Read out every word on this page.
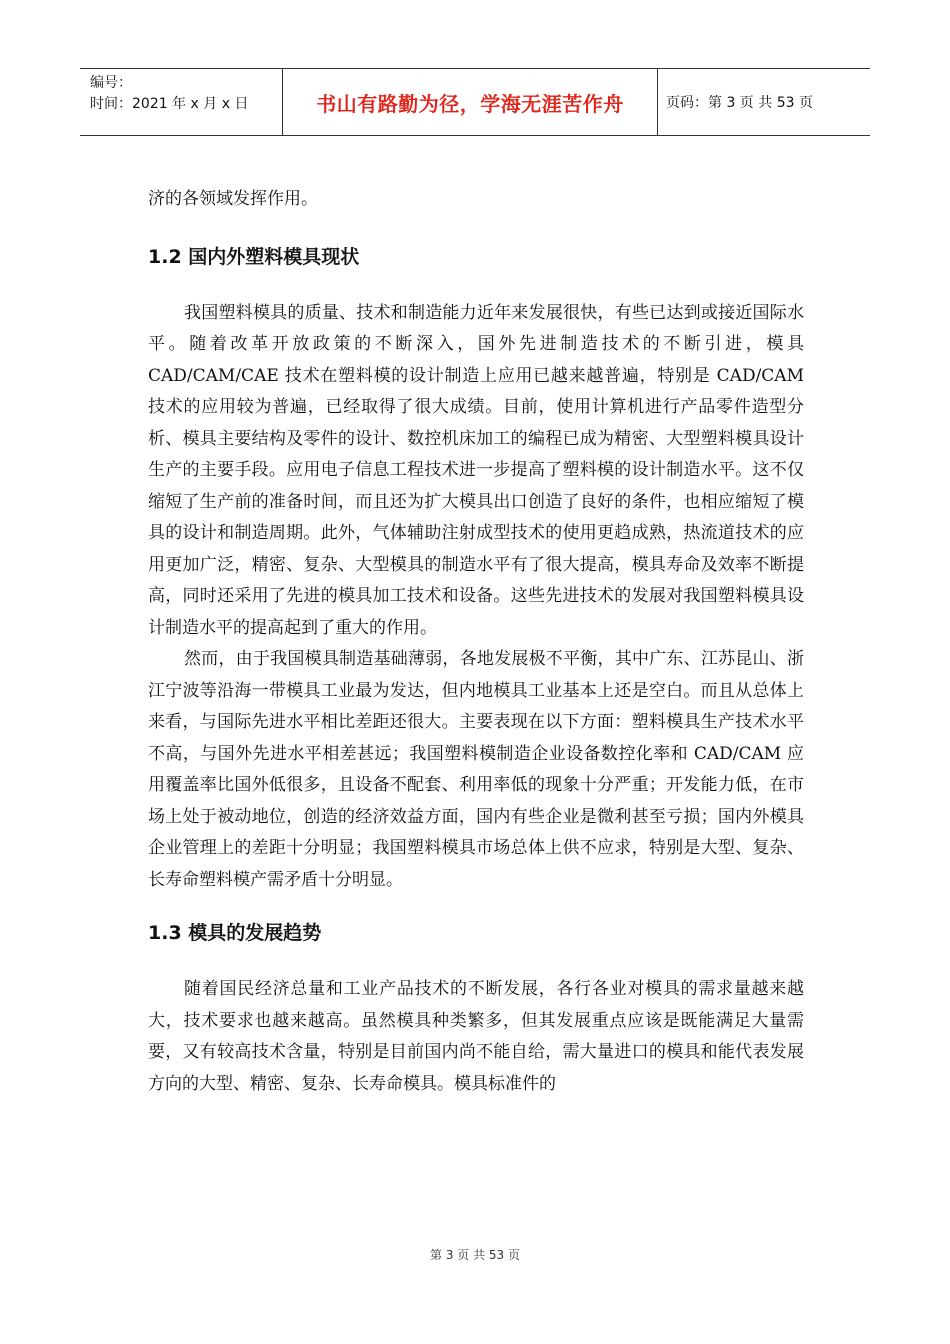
编号：
时间：2021 年 x 月 x 日	书山有路勤为径，学海无涯苦作舟	页码：第 3 页 共 53 页

济的各领域发挥作用。

1.2 国内外塑料模具现状

我国塑料模具的质量、技术和制造能力近年来发展很快，有些已达到或接近国际水平。随着改革开放政策的不断深入，国外先进制造技术的不断引进，模具 CAD/CAM/CAE 技术在塑料模的设计制造上应用已越来越普遍，特别是 CAD/CAM 技术的应用较为普遍，已经取得了很大成绩。目前，使用计算机进行产品零件造型分析、模具主要结构及零件的设计、数控机床加工的编程已成为精密、大型塑料模具设计生产的主要手段。应用电子信息工程技术进一步提高了塑料模的设计制造水平。这不仅缩短了生产前的准备时间，而且还为扩大模具出口创造了良好的条件，也相应缩短了模具的设计和制造周期。此外，气体辅助注射成型技术的使用更趋成熟，热流道技术的应用更加广泛，精密、复杂、大型模具的制造水平有了很大提高，模具寿命及效率不断提高，同时还采用了先进的模具加工技术和设备。这些先进技术的发展对我国塑料模具设计制造水平的提高起到了重大的作用。

然而，由于我国模具制造基础薄弱，各地发展极不平衡，其中广东、江苏昆山、浙江宁波等沿海一带模具工业最为发达，但内地模具工业基本上还是空白。而且从总体上来看，与国际先进水平相比差距还很大。主要表现在以下方面：塑料模具生产技术水平不高，与国外先进水平相差甚远；我国塑料模制造企业设备数控化率和 CAD/CAM 应用覆盖率比国外低很多，且设备不配套、利用率低的现象十分严重；开发能力低，在市场上处于被动地位，创造的经济效益方面，国内有些企业是微利甚至亏损；国内外模具企业管理上的差距十分明显；我国塑料模具市场总体上供不应求，特别是大型、复杂、长寿命塑料模产需矛盾十分明显。

1.3 模具的发展趋势

随着国民经济总量和工业产品技术的不断发展，各行各业对模具的需求量越来越大，技术要求也越来越高。虽然模具种类繁多，但其发展重点应该是既能满足大量需要，又有较高技术含量，特别是目前国内尚不能自给，需大量进口的模具和能代表发展方向的大型、精密、复杂、长寿命模具。模具标准件的

第 3 页 共 53 页
